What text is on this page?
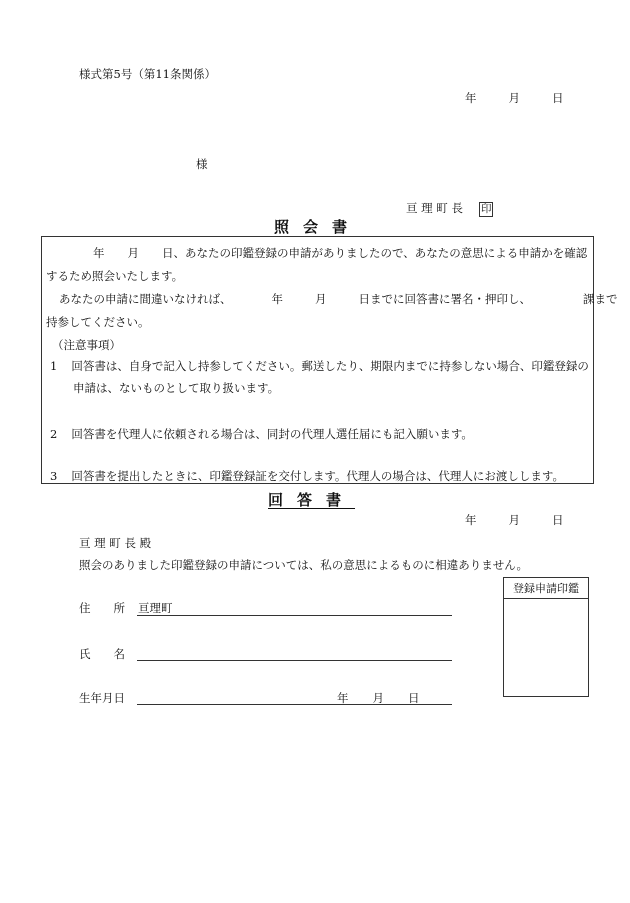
様式第5号（第11条関係）
年	月	日
様
亘 理 町 長 印
照会書
年　　月　　日、あなたの印鑑登録の申請がありましたので、あなたの意思による申請かを確認
するため照会いたします。
あなたの申請に間違いなければ、	年	月	日までに回答書に署名・押印し、	課まで
持参してください。
（注意事項）
1 回答書は、自身で記入し持参してください。郵送したり、期限内までに持参しない場合、印鑑登録の
申請は、ないものとして取り扱います。
2 回答書を代理人に依頼される場合は、同封の代理人選任届にも記入願います。
3 回答書を提出したときに、印鑑登録証を交付します。代理人の場合は、代理人にお渡しします。
回答書
年	月	日
亘 理 町 長 殿
照会のありました印鑑登録の申請については、私の意思によるものに相違ありません。
住　　所 亘理町
氏　　名
生年月日	年 月 日
登録申請印鑑
